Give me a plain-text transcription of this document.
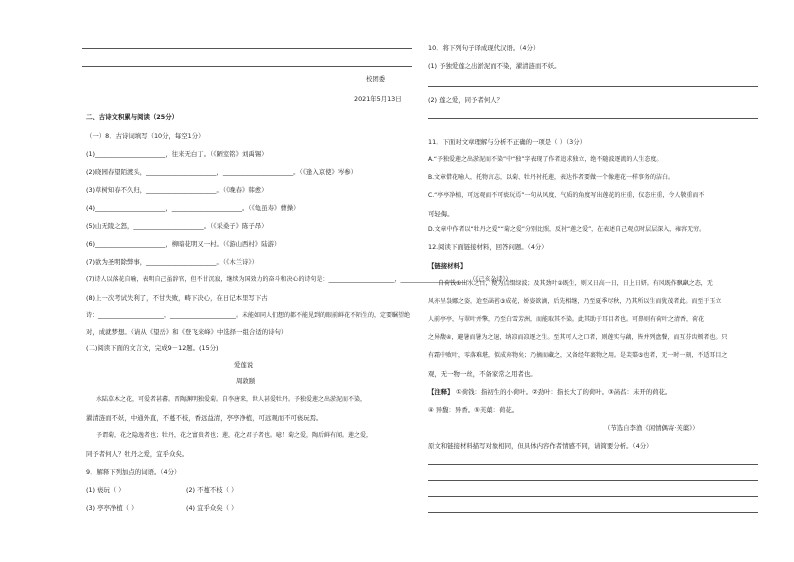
校团委
2021年5月13日
二、古诗文积累与阅读（25分）
（一）8．古诗词填写（10分，每空1分）
(1)______________________，往来无白丁。（《陋室铭》刘禹锡）
(2)晓园春望陌渡头，______________________，______________________。（《逢入京使》岑参）
(3)草树知春不久归，______________________。（《晚春》韩愈）
(4)______________________，______________________。（《龟虽寿》曹操）
(5)山无陵之怒，______________________。（《采桑子》陈子昂）
(6)______________________，柳暗花明又一村。（《游山西村》陆游）
(7)欲为圣明除弊事，______________________。（《木兰诗》）
(7)诗人以落花自喻，表明自己虽辞官，但不甘沉寂，继续为国效力的奋斗和决心的诗句是：______________________，______________________。（《己亥杂诗》）
(8)上一次考试失利了，不甘失败，畴下决心，在日记本里写下古
诗：______________________，______________________。未能如同人们想的都不能见到的眼前鲜花不陌生的，定要瞩望绝
对，成就梦想。（请从《望岳》和《登飞来峰》中选择一组合适的诗句）
(二)阅读下面的文言文，完成9－12题。(15分)
爱莲说
周敦颐
水陆草木之花，可爱者甚蕃。晋陶渊明独爱菊。自李唐来，世人甚爱牡丹。予独爱莲之出淤泥而不染，
濯清涟而不妖，中通外直，不蔓不枝，香远益清，亭亭净植，可远观而不可亵玩焉。
予谓菊，花之隐逸者也；牡丹，花之富贵者也；莲，花之君子者也。噫！菊之爱，陶后鲜有闻。莲之爱，
同予者何人？牡丹之爱，宜乎众矣。
9．解释下列加点的词语。（4分）
(1) 亵玩（ ）	(2) 不蔓不枝（ ）
(3) 亭亭净植（ ）	(4) 宜乎众矣（ ）
10．将下列句子译成现代汉语。（4分）
(1) 予独爱莲之出淤泥而不染，濯清涟而不妖。
(2) 莲之爱，同予者何人？
11．下面对文章理解与分析不正确的一项是（ ）（3分）
A.“予独爱莲之出淤泥而不染”中“独”字表现了作者追求独立，绝不随波逐流的人生态度。
B.文章借花喻人，托物言志，以菊、牡丹衬托莲，表达作者要做一个像莲花一样事务的洁白。
C.“亭亭净植，可远观而不可亵玩焉”一句从风度、气质的角度写出莲花的庄重，仪态庄重，令人敬重而不
可轻侮。
D.文章中作者以“牡丹之爱”“菊之爱”分别比照，反衬“莲之爱”，在表述自己观点时层层深入，雍容无穷。
12.阅读下面链接材料，回答问题。（4分）
【链接材料】
自荷钱①出水之日，便为点缀绿波；及其劲叶②既生，则又日高一日，日上日妍。有风既作飘飖之态，无
风亦呈袅娜之姿，迨至菡萏③成花，娇姿欲滴，后先相继，乃至夏季尽秋，乃其所以生而犹茂者此。而至于玉立
人前亭亭，与翠叶并擎，乃至白雪芳洲，而能取其不染。此其助于耳目者也。可鼻则有荷叶之清香，荷花
之异馥④，避暑而暑为之退，纳凉而凉逐之生。至其可人之口者，则莲实与藕，皆并列盘餐，而互芬齿颊者也。只
有霜中败叶，零落难堪，似成弃物矣；乃摘而藏之，又备经年裹物之用。是芙蕖⑤也者，无一时一刻，不适耳目之
观，无一物一丝，不备家常之用者也。
【注释】 ①荷钱：指初生的小荷叶。②劲叶：指长大了的荷叶。③菡萏：未开的荷花。
④ 异馥：异香。⑤芙蕖：荷花。
（节选自李渔《闲情偶寄·芙蕖》）
原文和链接材料描写对象相同，但具体内容作者情感不同，请简要分析。（4分）
